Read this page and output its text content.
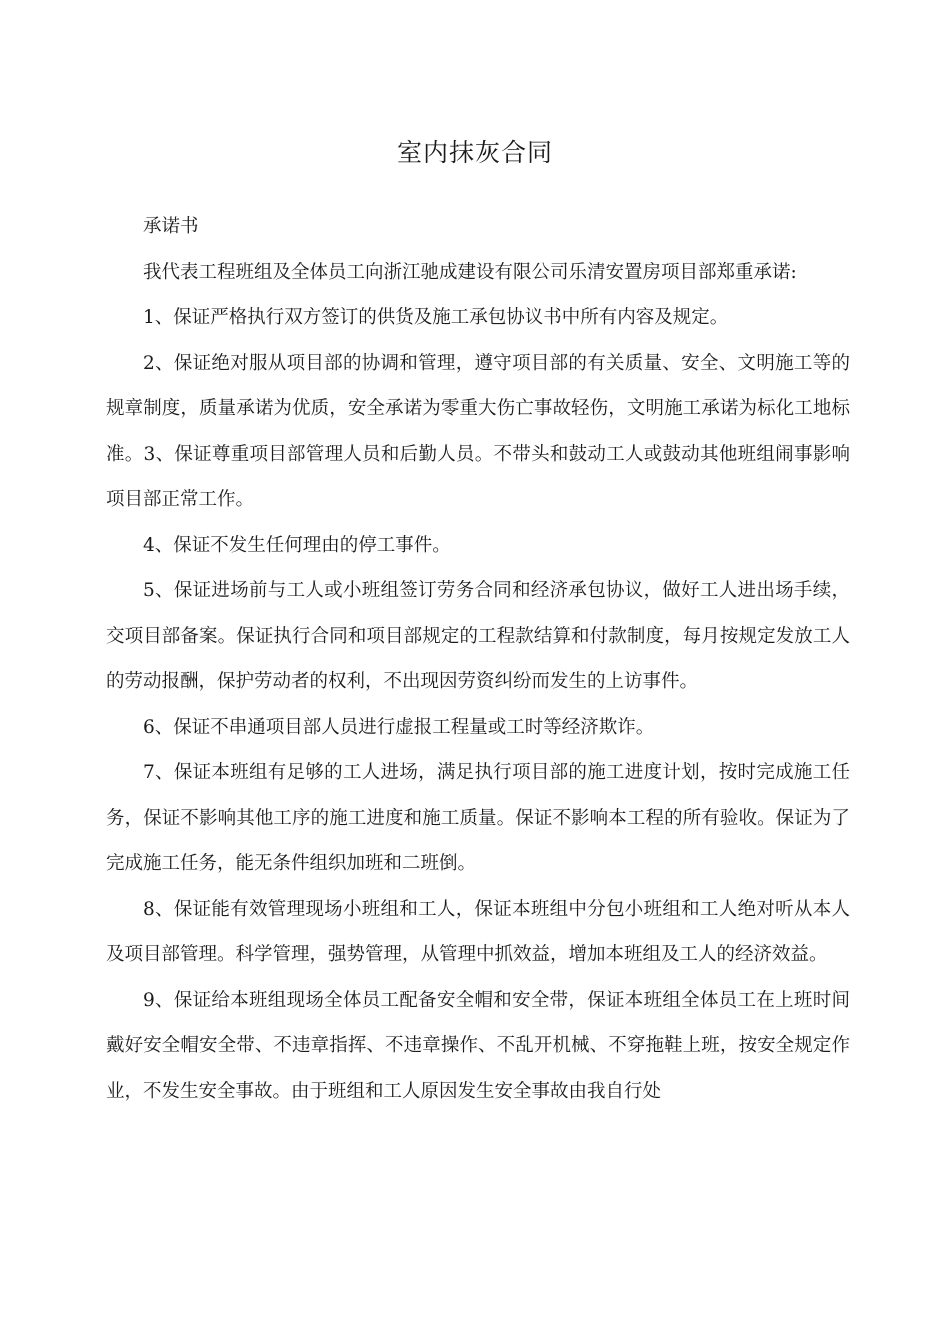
室内抹灰合同

承诺书

我代表工程班组及全体员工向浙江驰成建设有限公司乐清安置房项目部郑重承诺:

1、保证严格执行双方签订的供货及施工承包协议书中所有内容及规定。

2、保证绝对服从项目部的协调和管理，遵守项目部的有关质量、安全、文明施工等的规章制度，质量承诺为优质，安全承诺为零重大伤亡事故轻伤，文明施工承诺为标化工地标准。3、保证尊重项目部管理人员和后勤人员。不带头和鼓动工人或鼓动其他班组闹事影响项目部正常工作。

4、保证不发生任何理由的停工事件。

5、保证进场前与工人或小班组签订劳务合同和经济承包协议，做好工人进出场手续，交项目部备案。保证执行合同和项目部规定的工程款结算和付款制度，每月按规定发放工人的劳动报酬，保护劳动者的权利，不出现因劳资纠纷而发生的上访事件。

6、保证不串通项目部人员进行虚报工程量或工时等经济欺诈。

7、保证本班组有足够的工人进场，满足执行项目部的施工进度计划，按时完成施工任务，保证不影响其他工序的施工进度和施工质量。保证不影响本工程的所有验收。保证为了完成施工任务，能无条件组织加班和二班倒。

8、保证能有效管理现场小班组和工人，保证本班组中分包小班组和工人绝对听从本人及项目部管理。科学管理，强势管理，从管理中抓效益，增加本班组及工人的经济效益。

9、保证给本班组现场全体员工配备安全帽和安全带，保证本班组全体员工在上班时间戴好安全帽安全带、不违章指挥、不违章操作、不乱开机械、不穿拖鞋上班，按安全规定作业，不发生安全事故。由于班组和工人原因发生安全事故由我自行处
